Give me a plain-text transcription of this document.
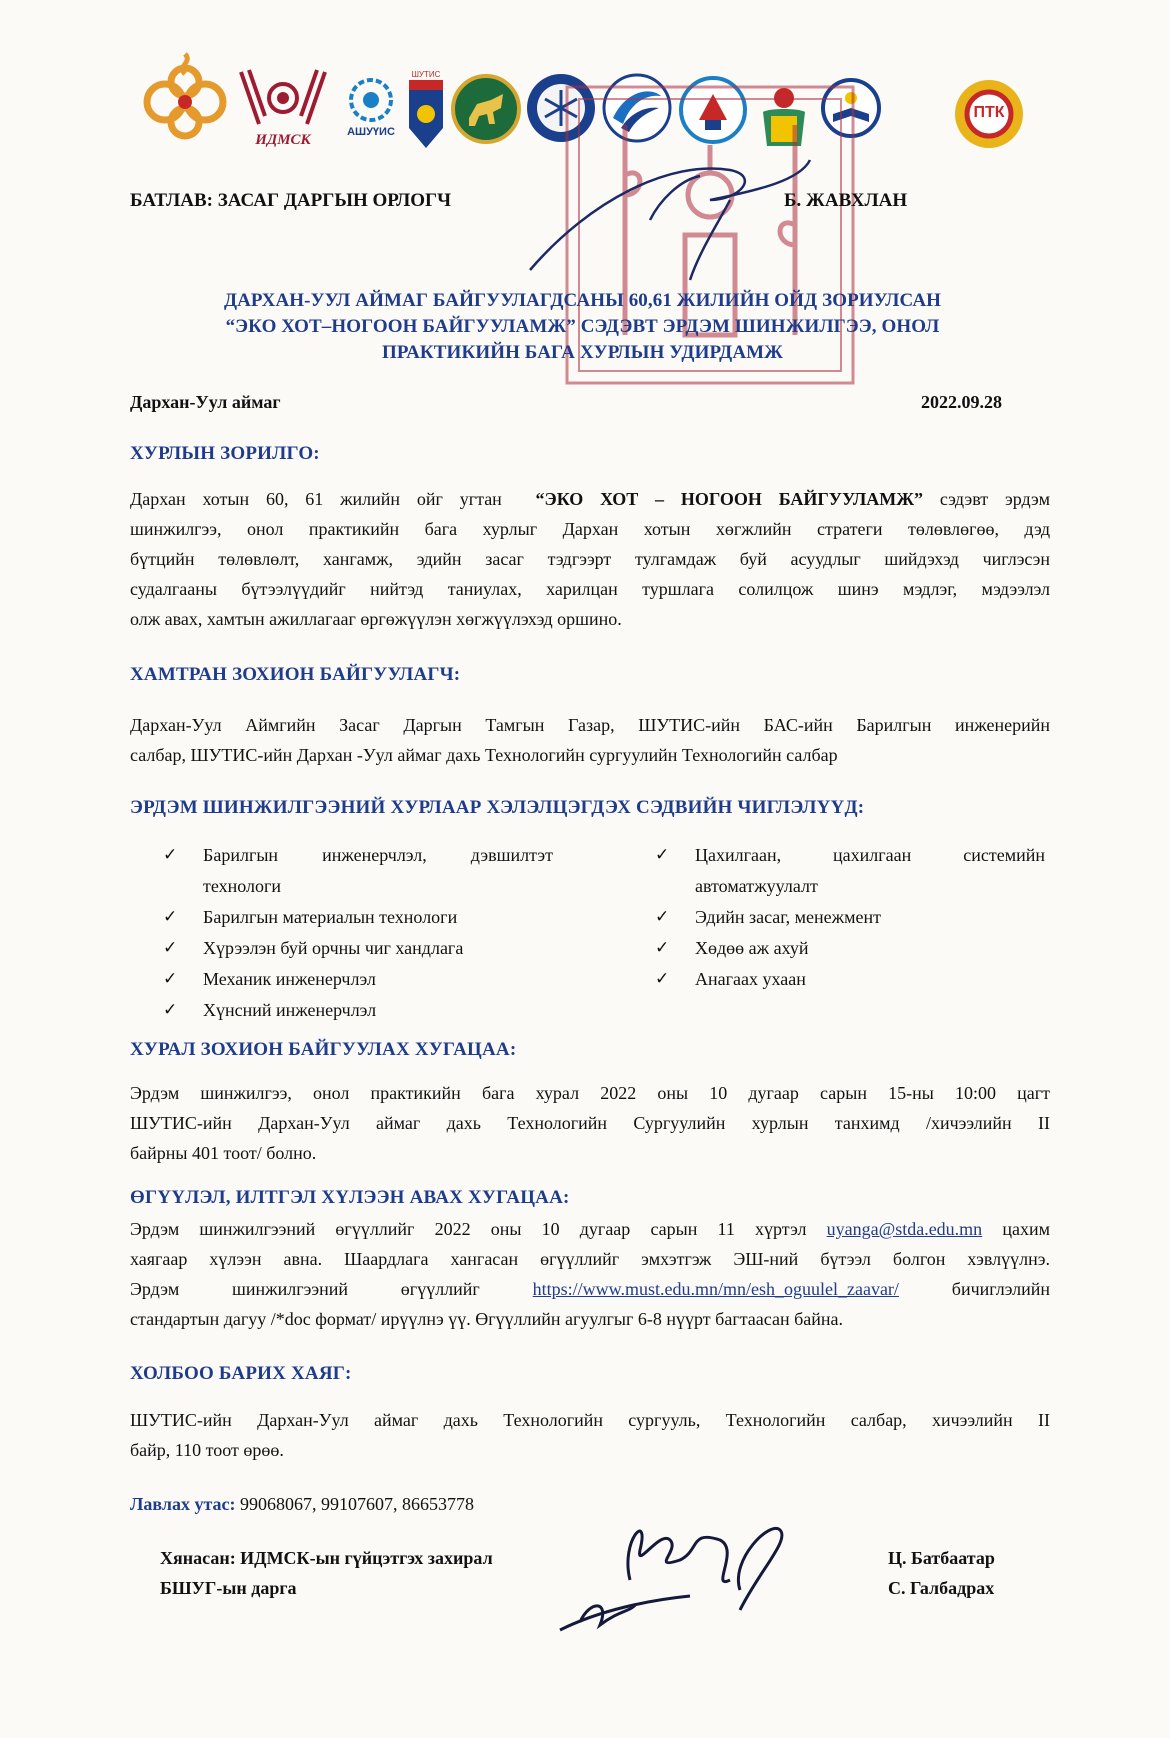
ИДМСК	АШУҮИС
ШУТИС
ПТК
БАТЛАВ: ЗАСАГ ДАРГЫН ОРЛОГЧ	Б. ЖАВХЛАН
ДАРХАН-УУЛ АЙМАГ БАЙГУУЛАГДСАНЫ 60,61 ЖИЛИЙН ОЙД ЗОРИУЛСАН
“ЭКО ХОТ–НОГООН БАЙГУУЛАМЖ” СЭДЭВТ ЭРДЭМ ШИНЖИЛГЭЭ, ОНОЛ
ПРАКТИКИЙН БАГА ХУРЛЫН УДИРДАМЖ
Дархан-Уул аймаг	2022.09.28
ХУРЛЫН ЗОРИЛГО:
Дархан хотын 60, 61 жилийн ойг угтан “ЭКО ХОТ – НОГООН БАЙГУУЛАМЖ” сэдэвт эрдэм
шинжилгээ, онол практикийн бага хурлыг Дархан хотын хөгжлийн стратеги төлөвлөгөө, дэд
бүтцийн төлөвлөлт, хангамж, эдийн засаг тэдгээрт тулгамдаж буй асуудлыг шийдэхэд чиглэсэн
судалгааны бүтээлүүдийг нийтэд таниулах, харилцан туршлага солилцож шинэ мэдлэг, мэдээлэл
олж авах, хамтын ажиллагааг өргөжүүлэн хөгжүүлэхэд оршино.
ХАМТРАН ЗОХИОН БАЙГУУЛАГЧ:
Дархан-Уул Аймгийн Засаг Даргын Тамгын Газар, ШУТИС-ийн БАС-ийн Барилгын инженерийн
салбар, ШУТИС-ийн Дархан -Уул аймаг дахь Технологийн сургуулийн Технологийн салбар
ЭРДЭМ ШИНЖИЛГЭЭНИЙ ХУРЛААР ХЭЛЭЛЦЭГДЭХ СЭДВИЙН ЧИГЛЭЛҮҮД:
✓ Барилгын инженерчлэл, дэвшилтэт
технологи
✓ Барилгын материалын технологи
✓ Хүрээлэн буй орчны чиг хандлага
✓ Механик инженерчлэл
✓ Хүнсний инженерчлэл
✓ Цахилгаан, цахилгаан системийн
автоматжуулалт
✓ Эдийн засаг, менежмент
✓ Хөдөө аж ахуй
✓ Анагаах ухаан
ХУРАЛ ЗОХИОН БАЙГУУЛАХ ХУГАЦАА:
Эрдэм шинжилгээ, онол практикийн бага хурал 2022 оны 10 дугаар сарын 15-ны 10:00 цагт
ШУТИС-ийн Дархан-Уул аймаг дахь Технологийн Сургуулийн хурлын танхимд /хичээлийн II
байрны 401 тоот/ болно.
ӨГҮҮЛЭЛ, ИЛТГЭЛ ХҮЛЭЭН АВАХ ХУГАЦАА:
Эрдэм шинжилгээний өгүүллийг 2022 оны 10 дугаар сарын 11 хүртэл uyanga@stda.edu.mn цахим
хаягаар хүлээн авна. Шаардлага хангасан өгүүллийг эмхэтгэж ЭШ-ний бүтээл болгон хэвлүүлнэ.
Эрдэм шинжилгээний өгүүллийг	https://www.must.edu.mn/mn/esh_oguulel_zaavar/	бичиглэлийн
стандартын дагуу /*doc формат/ ирүүлнэ үү. Өгүүллийн агуулгыг 6-8 нүүрт багтаасан байна.
ХОЛБОО БАРИХ ХАЯГ:
ШУТИС-ийн Дархан-Уул аймаг дахь Технологийн сургууль, Технологийн салбар, хичээлийн II
байр, 110 тоот өрөө.
Лавлах утас: 99068067, 99107607, 86653778
Хянасан: ИДМСК-ын гүйцэтгэх захирал
БШУГ-ын дарга
Ц. Батбаатар
С. Галбадрах
